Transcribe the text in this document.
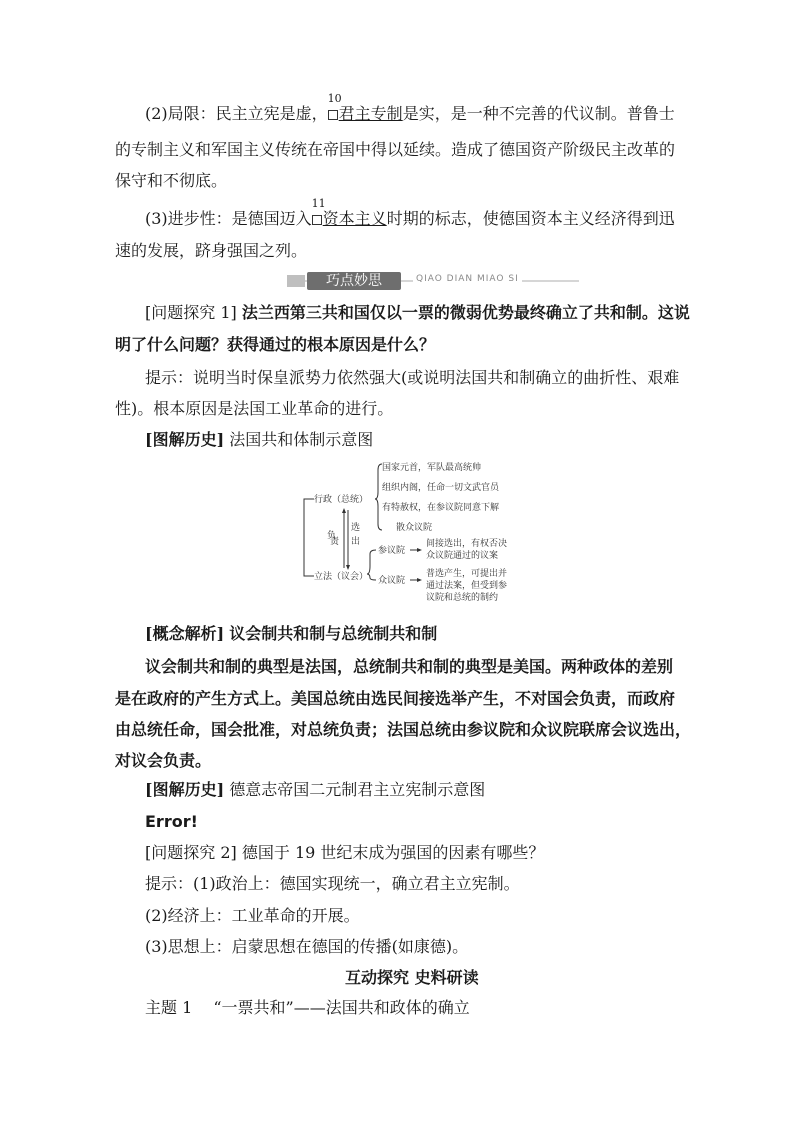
(2)局限：民主立宪是虚，
10
君主专制是实，是一种不完善的代议制。普鲁士
的专制主义和军国主义传统在帝国中得以延续。造成了德国资产阶级民主改革的
保守和不彻底。
(3)进步性：是德国迈入
11
资本主义时期的标志，使德国资本主义经济得到迅
速的发展，跻身强国之列。
巧点妙思	QIAO DIAN MIAO SI
[问题探究 1] 法兰西第三共和国仅以一票的微弱优势最终确立了共和制。这说
明了什么问题？获得通过的根本原因是什么？
提示：说明当时保皇派势力依然强大(或说明法国共和制确立的曲折性、艰难
性)。根本原因是法国工业革命的进行。
[图解历史] 法国共和体制示意图
行政（总统）
立法（议会）
国家元首，军队最高统帅
组织内阁，任命一切文武官员
有特赦权，在参议院同意下解
散众议院
负
责
选
出
参议院
间接选出，有权否决
众议院通过的议案
众议院
普选产生，可提出并
通过法案，但受到参
议院和总统的制约
[概念解析] 议会制共和制与总统制共和制
议会制共和制的典型是法国，总统制共和制的典型是美国。两种政体的差别
是在政府的产生方式上。美国总统由选民间接选举产生，不对国会负责，而政府
由总统任命，国会批准，对总统负责；法国总统由参议院和众议院联席会议选出，
对议会负责。
[图解历史] 德意志帝国二元制君主立宪制示意图
Error!
[问题探究 2] 德国于 19 世纪末成为强国的因素有哪些？
提示：(1)政治上：德国实现统一，确立君主立宪制。
(2)经济上：工业革命的开展。
(3)思想上：启蒙思想在德国的传播(如康德)。
互动探究 史料研读
主题 1 “一票共和”——法国共和政体的确立
